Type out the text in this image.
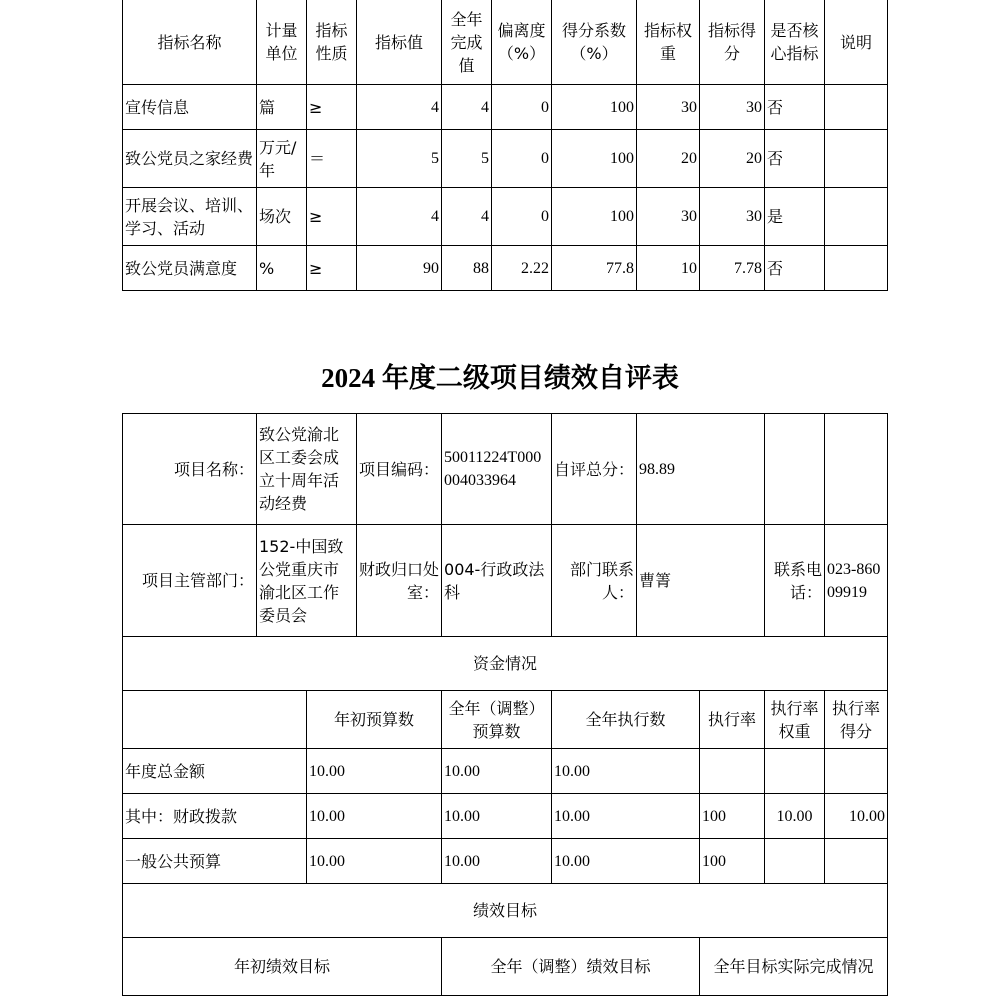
指标名称	计量单位	指标性质	指标值	全年完成值	偏离度（%）	得分系数（%）	指标权重	指标得分	是否核心指标	说明
宣传信息	篇	≥	4	4	0	100	30	30	否	
致公党员之家经费	万元/年	＝	5	5	0	100	20	20	否	
开展会议、培训、学习、活动	场次	≥	4	4	0	100	30	30	是	
致公党员满意度	%	≥	90	88	2.22	77.8	10	7.78	否	
2024 年度二级项目绩效自评表
项目名称：	致公党渝北区工委会成立十周年活动经费		项目编码：	50011224T000004033964	自评总分：	98.89			
项目主管部门：	152-中国致公党重庆市渝北区工作委员会		财政归口处室：	004-行政政法科	部门联系人：	曹箐		联系电话：	023-86009919
资金情况									
		年初预算数		全年（调整）预算数	全年执行数		执行率	执行率权重	执行率得分
年度总金额		10.00		10.00	10.00				
其中：财政拨款		10.00		10.00	10.00		100	10.00	10.00
一般公共预算		10.00		10.00	10.00		100		
绩效目标									
年初绩效目标				全年（调整）绩效目标			全年目标实际完成情况		
